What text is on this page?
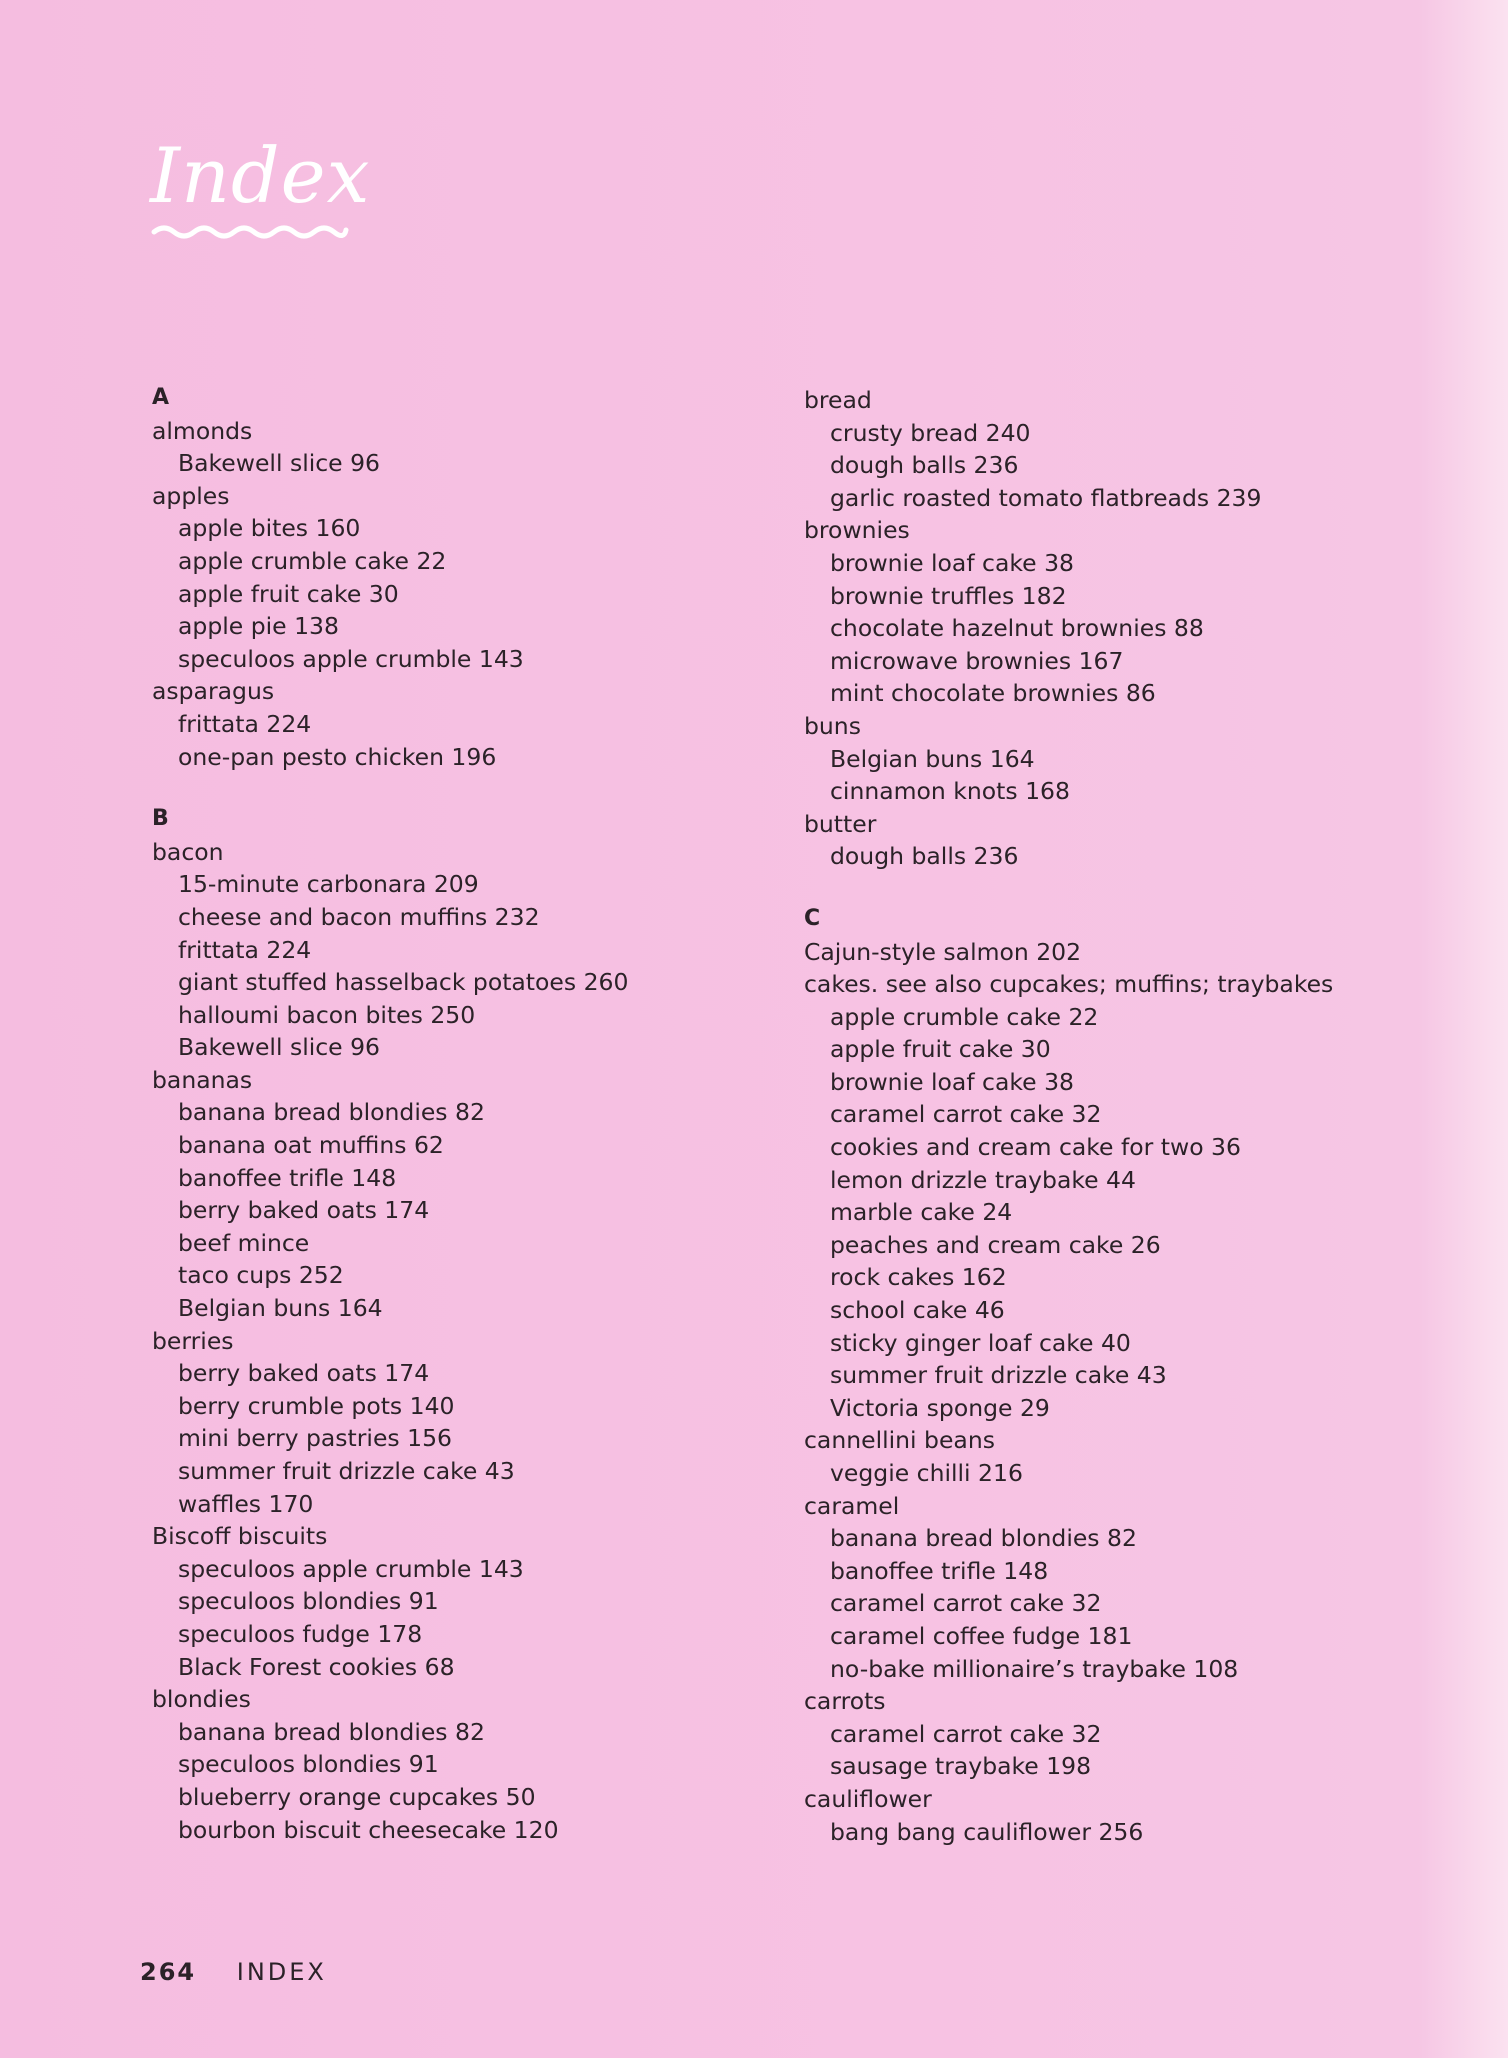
Index
A
almonds
Bakewell slice 96
apples
apple bites 160
apple crumble cake 22
apple fruit cake 30
apple pie 138
speculoos apple crumble 143
asparagus
frittata 224
one-pan pesto chicken 196
B
bacon
15-minute carbonara 209
cheese and bacon muffins 232
frittata 224
giant stuffed hasselback potatoes 260
halloumi bacon bites 250
Bakewell slice 96
bananas
banana bread blondies 82
banana oat muffins 62
banoffee trifle 148
berry baked oats 174
beef mince
taco cups 252
Belgian buns 164
berries
berry baked oats 174
berry crumble pots 140
mini berry pastries 156
summer fruit drizzle cake 43
waffles 170
Biscoff biscuits
speculoos apple crumble 143
speculoos blondies 91
speculoos fudge 178
Black Forest cookies 68
blondies
banana bread blondies 82
speculoos blondies 91
blueberry orange cupcakes 50
bourbon biscuit cheesecake 120
bread
crusty bread 240
dough balls 236
garlic roasted tomato flatbreads 239
brownies
brownie loaf cake 38
brownie truffles 182
chocolate hazelnut brownies 88
microwave brownies 167
mint chocolate brownies 86
buns
Belgian buns 164
cinnamon knots 168
butter
dough balls 236
C
Cajun-style salmon 202
cakes. see also cupcakes; muffins; traybakes
apple crumble cake 22
apple fruit cake 30
brownie loaf cake 38
caramel carrot cake 32
cookies and cream cake for two 36
lemon drizzle traybake 44
marble cake 24
peaches and cream cake 26
rock cakes 162
school cake 46
sticky ginger loaf cake 40
summer fruit drizzle cake 43
Victoria sponge 29
cannellini beans
veggie chilli 216
caramel
banana bread blondies 82
banoffee trifle 148
caramel carrot cake 32
caramel coffee fudge 181
no-bake millionaire’s traybake 108
carrots
caramel carrot cake 32
sausage traybake 198
cauliflower
bang bang cauliflower 256
264 INDEX
